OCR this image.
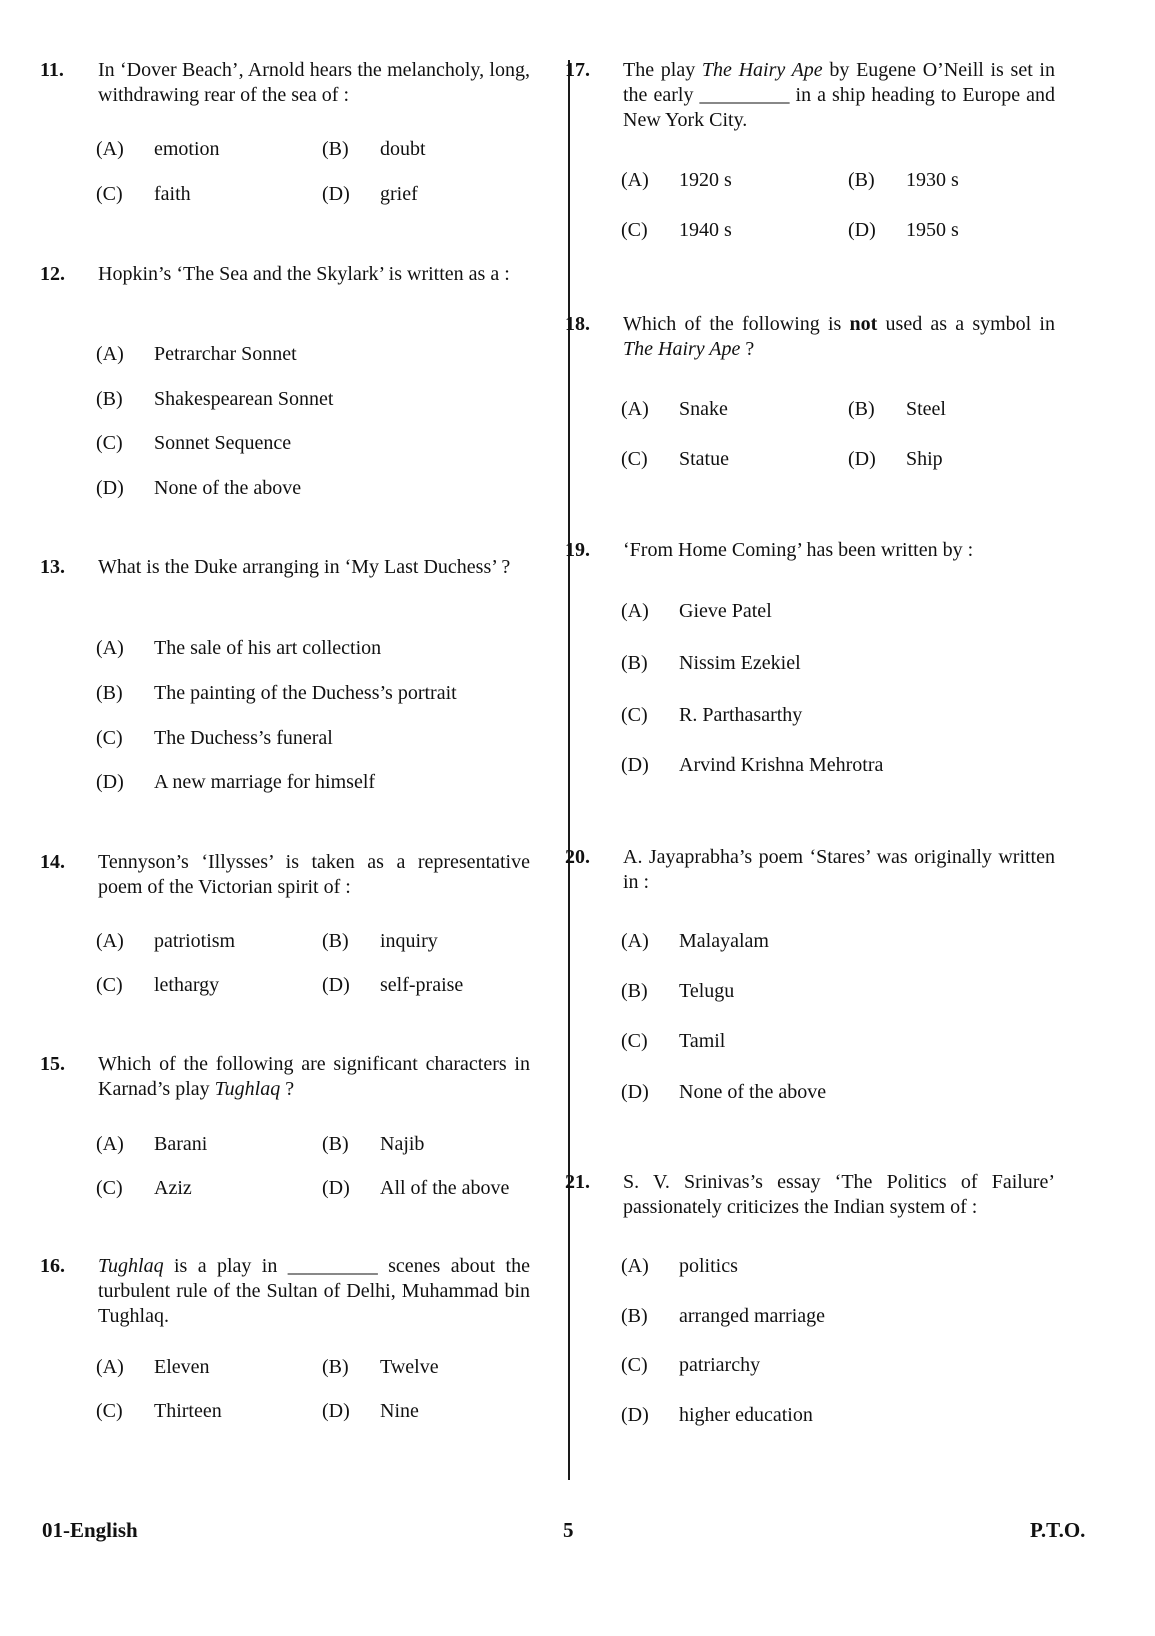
11. In ‘Dover Beach’, Arnold hears the melancholy, long, withdrawing rear of the sea of :
(A) emotion	(B) doubt
(C) faith	(D) grief
12. Hopkin’s ‘The Sea and the Skylark’ is written as a :
(A) Petrarchar Sonnet
(B) Shakespearean Sonnet
(C) Sonnet Sequence
(D) None of the above
13. What is the Duke arranging in ‘My Last Duchess’ ?
(A) The sale of his art collection
(B) The painting of the Duchess’s portrait
(C) The Duchess’s funeral
(D) A new marriage for himself
14. Tennyson’s ‘Illysses’ is taken as a representative poem of the Victorian spirit of :
(A) patriotism	(B) inquiry
(C) lethargy	(D) self-praise
15. Which of the following are significant characters in Karnad’s play Tughlaq ?
(A) Barani	(B) Najib
(C) Aziz	(D) All of the above
16. Tughlaq is a play in _________ scenes about the turbulent rule of the Sultan of Delhi, Muhammad bin Tughlaq.
(A) Eleven	(B) Twelve
(C) Thirteen	(D) Nine
17. The play The Hairy Ape by Eugene O’Neill is set in the early _________ in a ship heading to Europe and New York City.
(A) 1920 s	(B) 1930 s
(C) 1940 s	(D) 1950 s
18. Which of the following is not used as a symbol in The Hairy Ape ?
(A) Snake	(B) Steel
(C) Statue	(D) Ship
19. ‘From Home Coming’ has been written by :
(A) Gieve Patel
(B) Nissim Ezekiel
(C) R. Parthasarthy
(D) Arvind Krishna Mehrotra
20. A. Jayaprabha’s poem ‘Stares’ was originally written in :
(A) Malayalam
(B) Telugu
(C) Tamil
(D) None of the above
21. S. V. Srinivas’s essay ‘The Politics of Failure’ passionately criticizes the Indian system of :
(A) politics
(B) arranged marriage
(C) patriarchy
(D) higher education
01-English	5	P.T.O.
